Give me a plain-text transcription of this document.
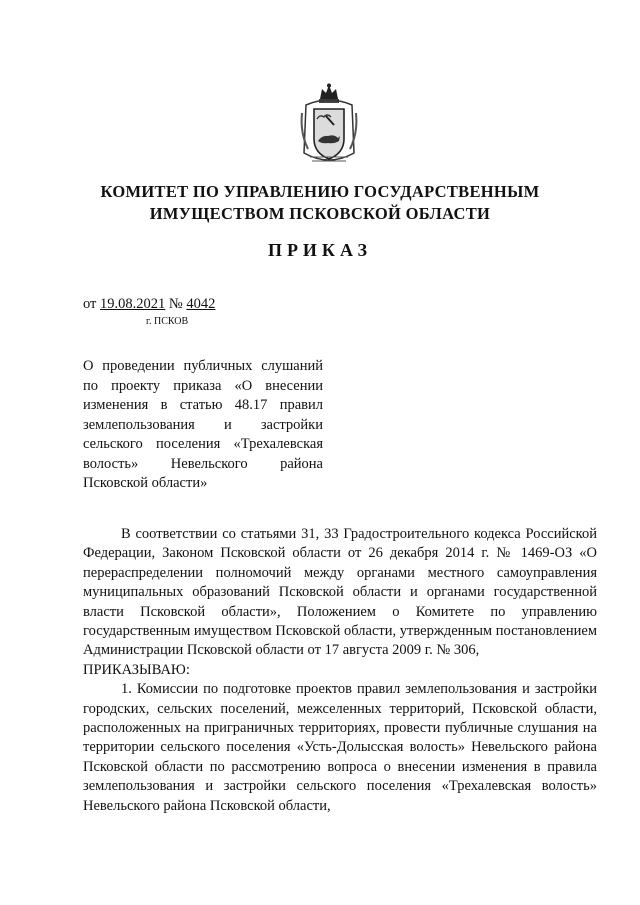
КОМИТЕТ ПО УПРАВЛЕНИЮ ГОСУДАРСТВЕННЫМ
ИМУЩЕСТВОМ ПСКОВСКОЙ ОБЛАСТИ
ПРИКАЗ
от 19.08.2021 № 4042
г. ПСКОВ
О проведении публичных слушаний по проекту приказа «О внесении изменения в статью 48.17 правил землепользования и застройки сельского поселения «Трехалевская волость» Невельского района Псковской области»

В соответствии со статьями 31, 33 Градостроительного кодекса Российской Федерации, Законом Псковской области от 26 декабря 2014 г. № 1469-ОЗ «О перераспределении полномочий между органами местного самоуправления муниципальных образований Псковской области и органами государственной власти Псковской области», Положением о Комитете по управлению государственным имуществом Псковской области, утвержденным постановлением Администрации Псковской области от 17 августа 2009 г. № 306,

ПРИКАЗЫВАЮ:

1. Комиссии по подготовке проектов правил землепользования и застройки городских, сельских поселений, межселенных территорий, Псковской области, расположенных на приграничных территориях, провести публичные слушания на территории сельского поселения «Усть-Долысская волость» Невельского района Псковской области по рассмотрению вопроса о внесении изменения в правила землепользования и застройки сельского поселения «Трехалевская волость» Невельского района Псковской области,
